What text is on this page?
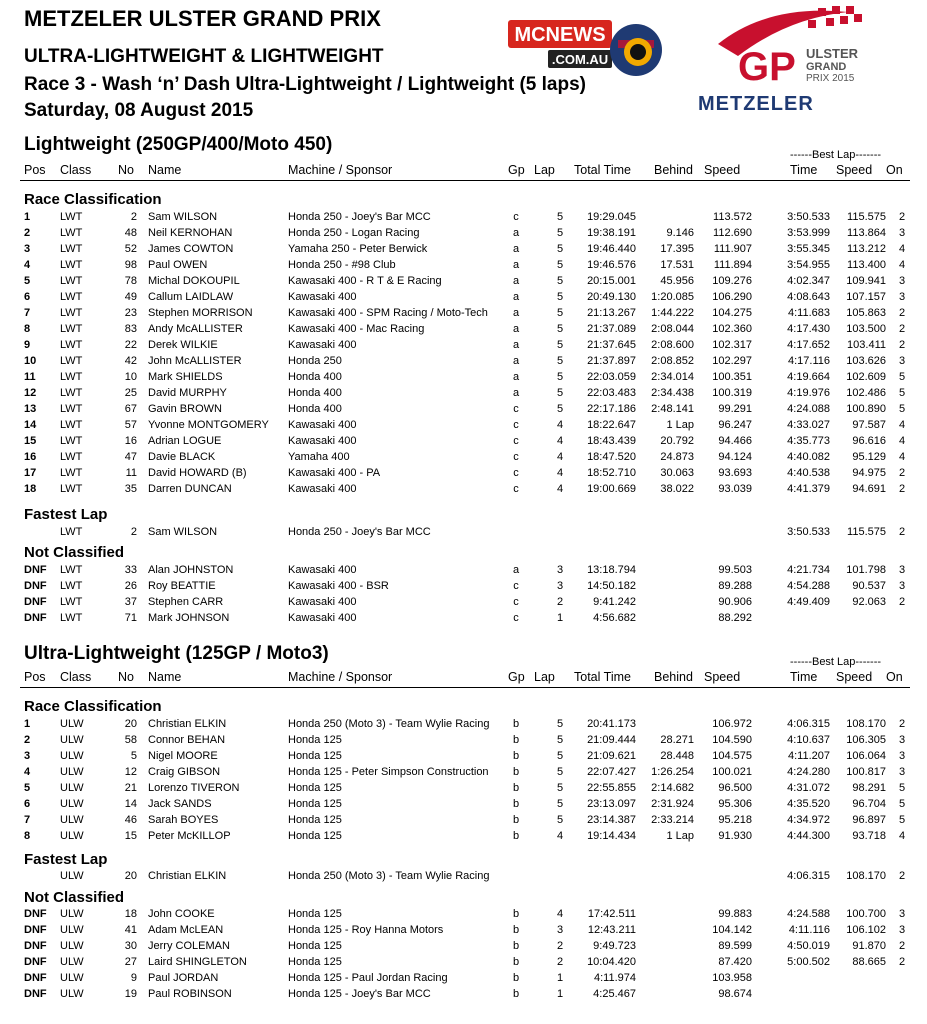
METZELER ULSTER GRAND PRIX
ULTRA-LIGHTWEIGHT & LIGHTWEIGHT
Race 3 - Wash ‘n’ Dash Ultra-Lightweight / Lightweight (5 laps)
Saturday, 08 August 2015
MCNEWS
.COM.AU	GP ULSTER
GRAND
PRIX 2015
METZELER
Lightweight (250GP/400/Moto 450)	------Best Lap-------
Pos Class No Name	Machine / Sponsor	Gp Lap Total Time Behind Speed	Time Speed On
Race Classification
1	LWT	2 Sam WILSON	Honda 250 - Joey's Bar MCC	c	5	19:29.045	113.572	3:50.533	115.575 2
2	LWT	48 Neil KERNOHAN	Honda 250 - Logan Racing	a	5	19:38.191	9.146	112.690	3:53.999	113.864 3
3	LWT	52 James COWTON	Yamaha 250 - Peter Berwick	a	5	19:46.440	17.395	111.907	3:55.345	113.212 4
4	LWT	98 Paul OWEN	Honda 250 - #98 Club	a	5	19:46.576	17.531	111.894	3:54.955	113.400 4
5	LWT	78 Michal DOKOUPIL	Kawasaki 400 - R T & E Racing	a	5	20:15.001	45.956	109.276	4:02.347	109.941 3
6	LWT	49 Callum LAIDLAW	Kawasaki 400	a	5	20:49.130	1:20.085	106.290	4:08.643	107.157 3
7	LWT	23 Stephen MORRISON	Kawasaki 400 - SPM Racing / Moto-Tech	a	5	21:13.267	1:44.222	104.275	4:11.683	105.863 2
8	LWT	83 Andy McALLISTER	Kawasaki 400 - Mac Racing	a	5	21:37.089	2:08.044	102.360	4:17.430	103.500 2
9	LWT	22 Derek WILKIE	Kawasaki 400	a	5	21:37.645	2:08.600	102.317	4:17.652	103.411 2
10 LWT	42 John McALLISTER	Honda 250	a	5	21:37.897	2:08.852	102.297	4:17.116	103.626 3
11 LWT	10 Mark SHIELDS	Honda 400	a	5	22:03.059	2:34.014	100.351	4:19.664	102.609 5
12 LWT	25 David MURPHY	Honda 400	a	5	22:03.483	2:34.438	100.319	4:19.976	102.486 5
13 LWT	67 Gavin BROWN	Honda 400	c	5	22:17.186	2:48.141	99.291	4:24.088	100.890 5
14 LWT	57 Yvonne MONTGOMERY Kawasaki 400	c	4	18:22.647	1 Lap	96.247	4:33.027	97.587 4
15 LWT	16 Adrian LOGUE	Kawasaki 400	c	4	18:43.439	20.792	94.466	4:35.773	96.616 4
16 LWT	47 Davie BLACK	Yamaha 400	c	4	18:47.520	24.873	94.124	4:40.082	95.129 4
17 LWT	11 David HOWARD (B)	Kawasaki 400 - PA	c	4	18:52.710	30.063	93.693	4:40.538	94.975 2
18 LWT	35 Darren DUNCAN	Kawasaki 400	c	4	19:00.669	38.022	93.039	4:41.379	94.691 2
Fastest Lap
LWT	2 Sam WILSON	Honda 250 - Joey's Bar MCC	3:50.533	115.575 2
Not Classified
DNF LWT	33 Alan JOHNSTON	Kawasaki 400	a	3	13:18.794	99.503	4:21.734	101.798 3
DNF LWT	26 Roy BEATTIE	Kawasaki 400 - BSR	c	3	14:50.182	89.288	4:54.288	90.537 3
DNF LWT	37 Stephen CARR	Kawasaki 400	c	2	9:41.242	90.906	4:49.409	92.063 2
DNF LWT	71 Mark JOHNSON	Kawasaki 400	c	1	4:56.682	88.292
Ultra-Lightweight (125GP / Moto3)	------Best Lap-------
Pos Class No Name	Machine / Sponsor	Gp Lap Total Time Behind Speed	Time Speed On
Race Classification
1	ULW	20 Christian ELKIN	Honda 250 (Moto 3) - Team Wylie Racing	b	5	20:41.173	106.972	4:06.315	108.170 2
2	ULW	58 Connor BEHAN	Honda 125	b	5	21:09.444	28.271	104.590	4:10.637	106.305 3
3	ULW	5 Nigel MOORE	Honda 125	b	5	21:09.621	28.448	104.575	4:11.207	106.064 3
4	ULW	12 Craig GIBSON	Honda 125 - Peter Simpson Construction	b	5	22:07.427	1:26.254	100.021	4:24.280	100.817 3
5	ULW	21 Lorenzo TIVERON	Honda 125	b	5	22:55.855	2:14.682	96.500	4:31.072	98.291 5
6	ULW	14 Jack SANDS	Honda 125	b	5	23:13.097	2:31.924	95.306	4:35.520	96.704 5
7	ULW	46 Sarah BOYES	Honda 125	b	5	23:14.387	2:33.214	95.218	4:34.972	96.897 5
8	ULW	15 Peter McKILLOP	Honda 125	b	4	19:14.434	1 Lap	91.930	4:44.300	93.718 4
Fastest Lap
ULW	20 Christian ELKIN	Honda 250 (Moto 3) - Team Wylie Racing	4:06.315	108.170 2
Not Classified
DNF ULW	18 John COOKE	Honda 125	b	4	17:42.511	99.883	4:24.588	100.700 3
DNF ULW	41 Adam McLEAN	Honda 125 - Roy Hanna Motors	b	3	12:43.211	104.142	4:11.116	106.102 3
DNF ULW	30 Jerry COLEMAN	Honda 125	b	2	9:49.723	89.599	4:50.019	91.870 2
DNF ULW	27 Laird SHINGLETON	Honda 125	b	2	10:04.420	87.420	5:00.502	88.665 2
DNF ULW	9 Paul JORDAN	Honda 125 - Paul Jordan Racing	b	1	4:11.974	103.958
DNF ULW	19 Paul ROBINSON	Honda 125 - Joey's Bar MCC	b	1	4:25.467	98.674
